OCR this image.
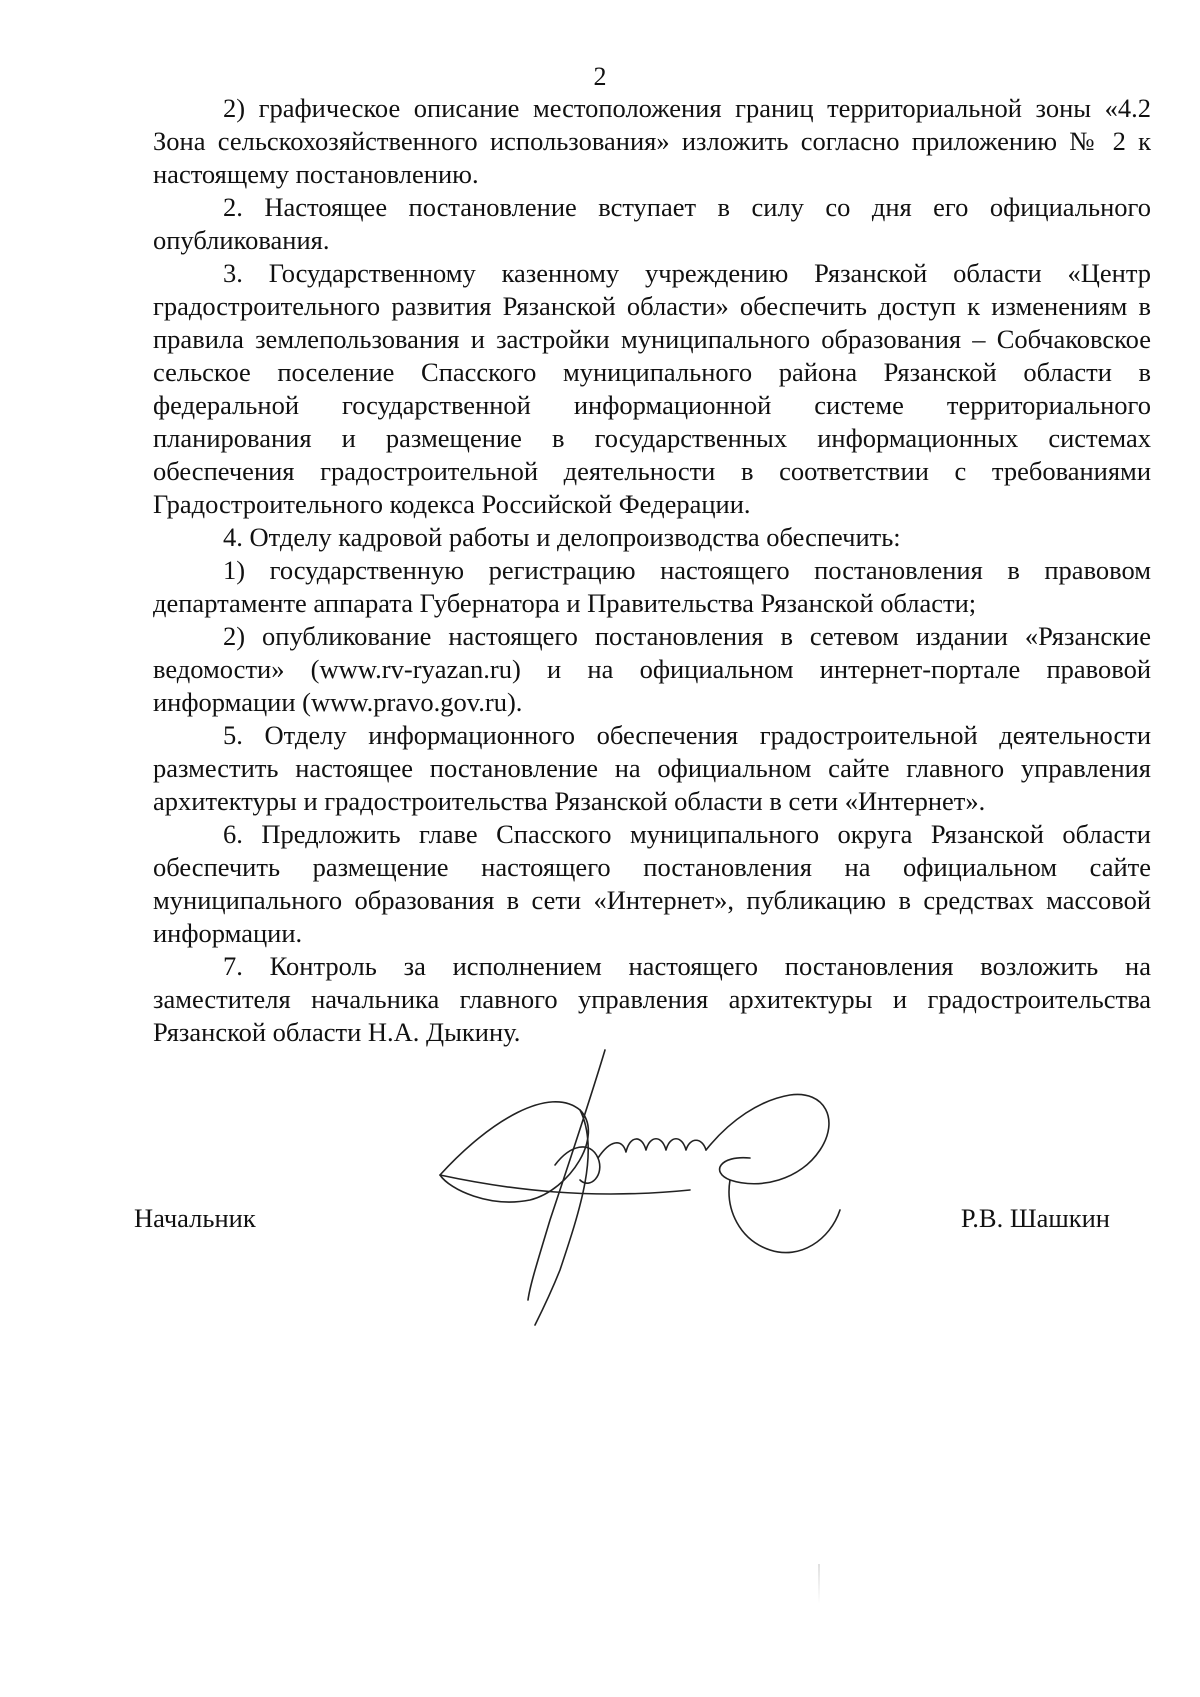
2

2) графическое описание местоположения границ территориальной зоны «4.2 Зона сельскохозяйственного использования» изложить согласно приложению № 2 к настоящему постановлению.

2. Настоящее постановление вступает в силу со дня его официального опубликования.

3. Государственному казенному учреждению Рязанской области «Центр градостроительного развития Рязанской области» обеспечить доступ к изменениям в правила землепользования и застройки муниципального образования – Собчаковское сельское поселение Спасского муниципального района Рязанской области в федеральной государственной информационной системе территориального планирования и размещение в государственных информационных системах обеспечения градостроительной деятельности в соответствии с требованиями Градостроительного кодекса Российской Федерации.

4. Отделу кадровой работы и делопроизводства обеспечить:

1) государственную регистрацию настоящего постановления в правовом департаменте аппарата Губернатора и Правительства Рязанской области;

2) опубликование настоящего постановления в сетевом издании «Рязанские ведомости» (www.rv-ryazan.ru) и на официальном интернет-портале правовой информации (www.pravo.gov.ru).

5. Отделу информационного обеспечения градостроительной деятельности разместить настоящее постановление на официальном сайте главного управления архитектуры и градостроительства Рязанской области в сети «Интернет».

6. Предложить главе Спасского муниципального округа Рязанской области обеспечить размещение настоящего постановления на официальном сайте муниципального образования в сети «Интернет», публикацию в средствах массовой информации.

7. Контроль за исполнением настоящего постановления возложить на заместителя начальника главного управления архитектуры и градостроительства Рязанской области Н.А. Дыкину.

Начальник	Р.В. Шашкин
